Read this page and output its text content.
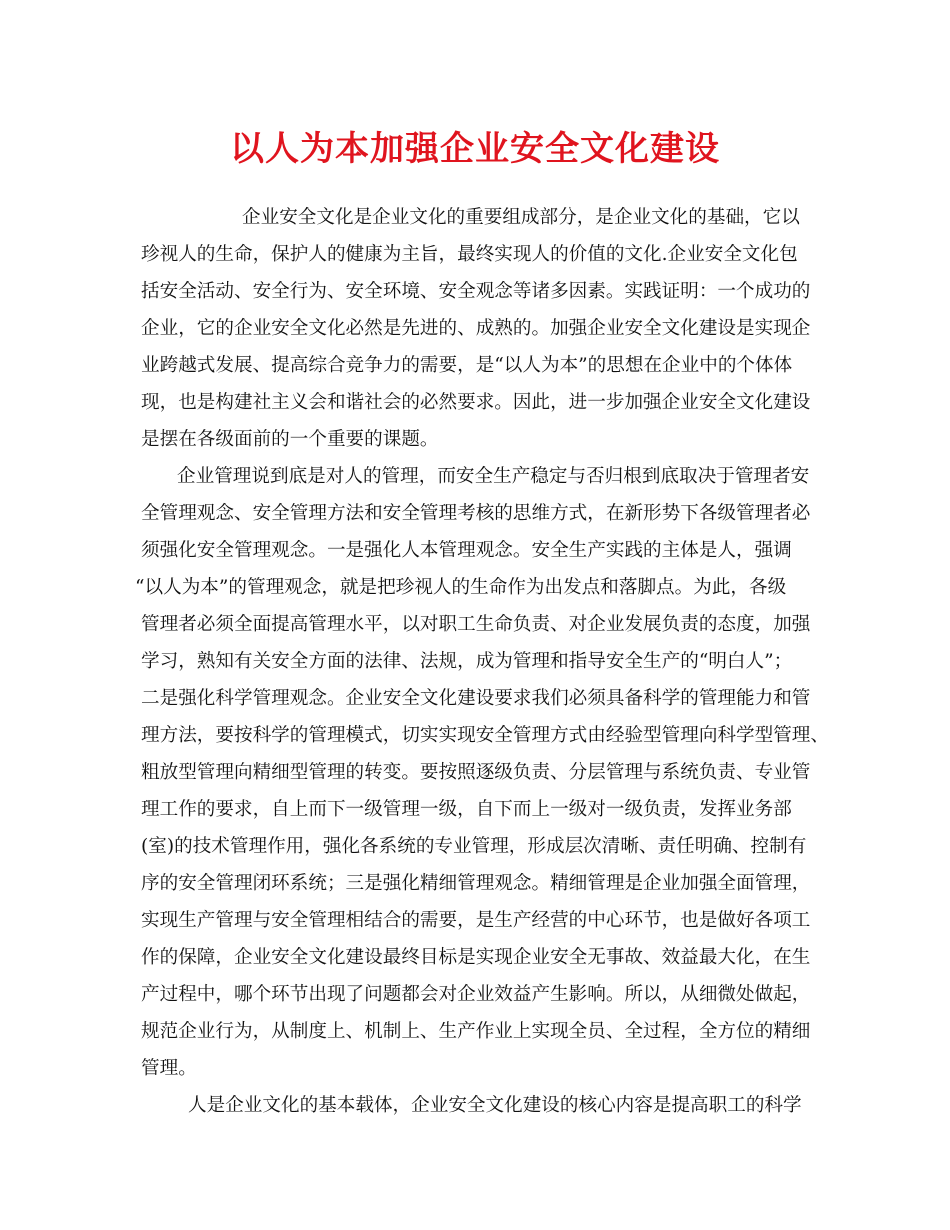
以人为本加强企业安全文化建设
企业安全文化是企业文化的重要组成部分，是企业文化的基础，它以
珍视人的生命，保护人的健康为主旨，最终实现人的价值的文化.企业安全文化包
括安全活动、安全行为、安全环境、安全观念等诸多因素。实践证明：一个成功的
企业，它的企业安全文化必然是先进的、成熟的。加强企业安全文化建设是实现企
业跨越式发展、提高综合竞争力的需要，是“以人为本”的思想在企业中的个体体
现，也是构建社主义会和谐社会的必然要求。因此，进一步加强企业安全文化建设
是摆在各级面前的一个重要的课题。
企业管理说到底是对人的管理，而安全生产稳定与否归根到底取决于管理者安
全管理观念、安全管理方法和安全管理考核的思维方式，在新形势下各级管理者必
须强化安全管理观念。一是强化人本管理观念。安全生产实践的主体是人，强调
“以人为本”的管理观念，就是把珍视人的生命作为出发点和落脚点。为此，各级
管理者必须全面提高管理水平，以对职工生命负责、对企业发展负责的态度，加强
学习，熟知有关安全方面的法律、法规，成为管理和指导安全生产的“明白人”；
二是强化科学管理观念。企业安全文化建设要求我们必须具备科学的管理能力和管
理方法，要按科学的管理模式，切实实现安全管理方式由经验型管理向科学型管理、
粗放型管理向精细型管理的转变。要按照逐级负责、分层管理与系统负责、专业管
理工作的要求，自上而下一级管理一级，自下而上一级对一级负责，发挥业务部
(室)的技术管理作用，强化各系统的专业管理，形成层次清晰、责任明确、控制有
序的安全管理闭环系统；三是强化精细管理观念。精细管理是企业加强全面管理，
实现生产管理与安全管理相结合的需要，是生产经营的中心环节，也是做好各项工
作的保障，企业安全文化建设最终目标是实现企业安全无事故、效益最大化，在生
产过程中，哪个环节出现了问题都会对企业效益产生影响。所以，从细微处做起，
规范企业行为，从制度上、机制上、生产作业上实现全员、全过程，全方位的精细
管理。
人是企业文化的基本载体，企业安全文化建设的核心内容是提高职工的科学
